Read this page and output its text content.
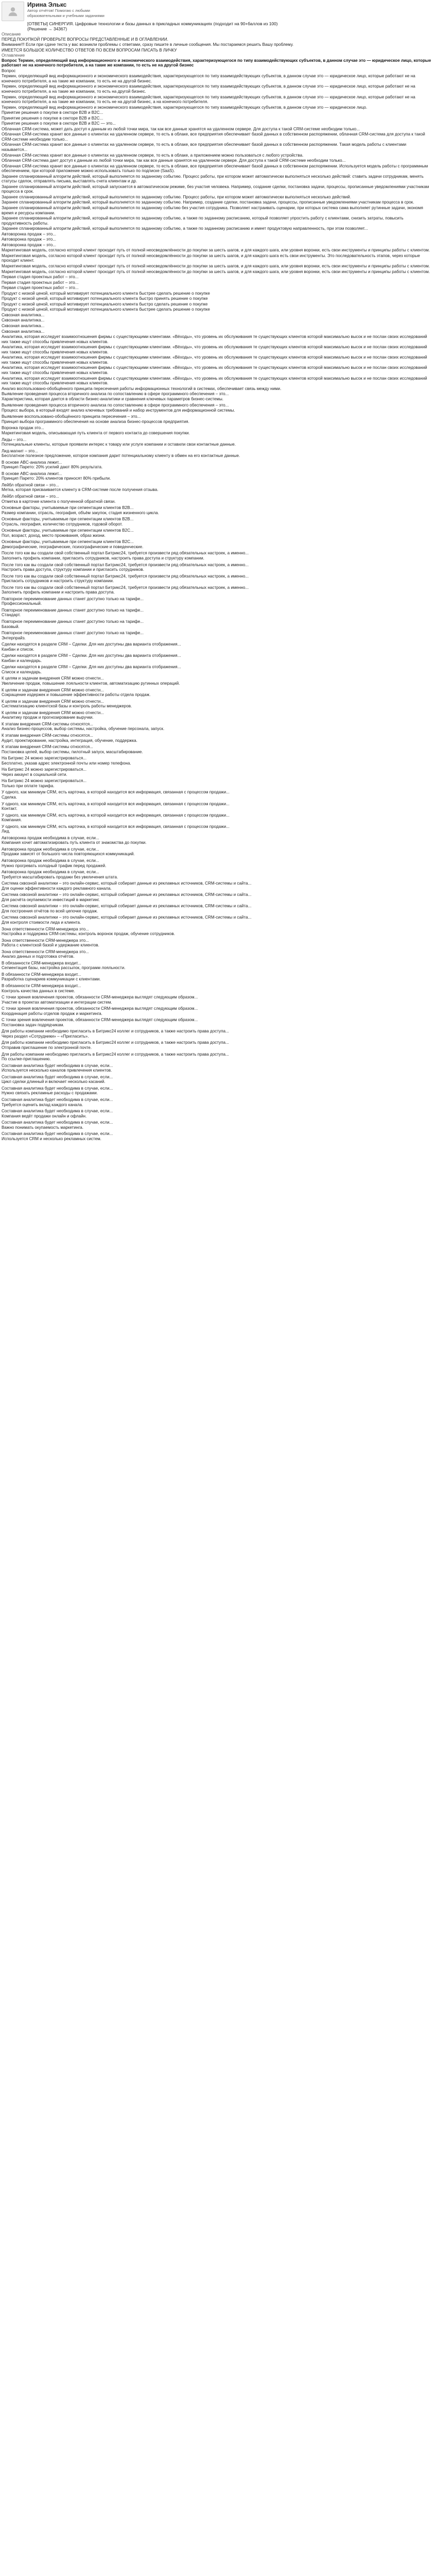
Ирина Элькс
Автор отчётов! Помогаю с любыми образовательными и учебными заданиями
[ОТВЕТЫ] СИНЕРГИЯ. Цифровые технологии и базы данных в прикладных коммуникациях (подходит на 90+баллов из 100)
(Решение → 34367)
Описание
ПЕРЕД ПОКУПКОЙ ПРОВЕРЬТЕ ВОПРОСЫ ПРЕДСТАВЛЕННЫЕ И В ОГЛАВЛЕНИИ.
Внимание!!! Если при сдаче теста у вас возникли проблемы с ответами, сразу пишите в личные сообщения. Мы постараемся решить Вашу проблему.
ИМЕЕТСЯ БОЛЬШОЕ КОЛИЧЕСТВО ОТВЕТОВ ПО ВСЕМ ВОПРОСАМ ПИСАТЬ В ЛИЧКУ
Оглавление
Вопрос Термин, определяющий вид информационного и экономического взаимодействия, характеризующегося по типу взаимодействующих субъектов, в данном случае это — юридическое лицо, которые работают не на конечного потребителя, а на такие же компании, то есть не на другой бизнес
Вопрос
Термин, определяющий вид информационного и экономического взаимодействия, характеризующегося по типу взаимодействующих субъектов, в данном случае это — юридическое лицо, которые работают не на конечного потребителя, а на такие же компании, то есть не на другой бизнес.
Термин, определяющий вид информационного и экономического взаимодействия, характеризующегося по типу взаимодействующих субъектов, в данном случае это — юридическое лицо, которые работают не на конечного потребителя, а на такие же компании, то есть на другой бизнес.
Термин, определяющий вид информационного и экономического взаимодействия, характеризующегося по типу взаимодействующих субъектов, в данном случае это — юридическое лицо, которые работают не на конечного потребителя, а на такие же компании, то есть не на другой бизнес, а на конечного потребителя.
Термин, определяющий вид информационного и экономического взаимодействия, характеризующегося по типу взаимодействующих субъектов, в данном случае это — юридическое лицо.
Принятие решения о покупке в секторе B2B и B2C...
Принятие решения о покупке в секторе B2B и B2C...
Принятие решения о покупке в секторе B2B и B2C — это...
Облачная CRM-система, может дать доступ к данным из любой точки мира, так как все данные хранятся на удаленном сервере. Для доступа к такой CRM-системе необходим только...
Облачная CRM-система хранит все данные о клиентах на удаленном сервере, то есть в облаке, все предприятия обеспечивает базой данных в собственном распоряжении, облачная CRM-система для доступа к такой CRM-системе необходим только...
Облачная CRM-система хранит все данные о клиентах на удаленном сервере, то есть в облаке, все предприятия обеспечивает базой данных в собственном распоряжении. Такая модель работы с клиентами называется...
Облачная CRM-система хранит все данные о клиентах на удаленном сервере, то есть в облаке, а приложением можно пользоваться с любого устройства.
Облачная CRM-система дает доступ к данным из любой точки мира, так как все данные хранятся на удаленном сервере. Для доступа к такой CRM-системе необходим только...
Облачная CRM-система хранит все данные о клиентах на удаленном сервере, то есть в облаке, все предприятия обеспечивает базой данных в собственном распоряжении. Используется модель работы с программным обеспечением, при которой приложение можно использовать только по подписке (SaaS).
Заранее спланированный алгоритм действий, который выполняется по заданному событию. Процесс работы, при котором может автоматически выполняться несколько действий: ставить задачи сотрудникам, менять статусы сделок, отправлять письма, выставлять счета клиентам и др.
Заранее спланированный алгоритм действий, который запускается в автоматическом режиме, без участия человека. Например, создание сделки, постановка задачи, процессы, прописанные уведомлениями участникам процесса в срок.
Заранее спланированный алгоритм действий, который выполняется по заданному событию. Процесс работы, при котором может автоматически выполняться несколько действий.
Заранее спланированный алгоритм действий, который выполняется по заданному событию. Например, создание сделки, постановка задачи, процессы, прописанные уведомлениями участникам процесса в срок.
Заранее спланированный алгоритм действий, который выполняется по заданному событию без участия сотрудника. Позволяет настраивать сценарии, при которых система сама выполняет рутинные задачи, экономя время и ресурсы компании.
Заранее спланированный алгоритм действий, который выполняется по заданному событию, а также по заданному расписанию, который позволяет упростить работу с клиентами, снизить затраты, повысить продуктивность работы.
Заранее спланированный алгоритм действий, который выполняется по заданному событию, а также по заданному расписанию и имеет продуктовую направленность, при этом позволяет...
Автоворонка продаж – это...
Автоворонка продаж – это...
Автоворонка продаж – это...
Маркетинговая модель, согласно которой клиент проходит путь от полной неосведомлённости до покупки за шесть шагов, и для каждого шага, или уровня воронки, есть свои инструменты и принципы работы с клиентом.
Маркетинговая модель, согласно которой клиент проходит путь от полной неосведомлённости до покупки за шесть шагов, и для каждого шага есть свои инструменты. Это последовательность этапов, через которые проходит клиент.
Маркетинговая модель, согласно которой клиент проходит путь от полной неосведомлённости до покупки за шесть шагов, и для каждого шага, или уровня воронки, есть свои инструменты и принципы работы с клиентом.
Маркетинговая модель, согласно которой клиент проходит путь от полной неосведомлённости до покупки за шесть шагов, и для каждого шага, или уровня воронки, есть свои инструменты и принципы работы с клиентом.
Первая стадия проектных работ – это...
Первая стадия проектных работ – это...
Первая стадия проектных работ – это...
Продукт с низкой ценой, который мотивирует потенциального клиента быстрее сделать решение о покупке
Продукт с низкой ценой, который мотивирует потенциального клиента быстро принять решение о покупке
Продукт с низкой ценой, который мотивирует потенциального клиента быстро сделать решение о покупке
Продукт с низкой ценой, который мотивирует потенциального клиента быстрее сделать решение о покупке
Сквозная аналитика...
Сквозная аналитика...
Сквозная аналитика...
Сквозная аналитика...
Аналитика, которая исследует взаимоотношения фирмы с существующими клиентами. «Вёходы», что уровень их обслуживания те существующих клиентов которой максимально высок и не послан своих исследований них также ищут способы привлечения новых клиентов.
Аналитика, которая исследует взаимоотношения фирмы с существующими клиентами. «Вёходы», что уровень их обслуживания те существующих клиентов которой максимально высок и не послан своих исследований них также ищут способы привлечения новых клиентов.
Аналитика, которая исследует взаимоотношения фирмы с существующими клиентами. «Вёходы», что уровень их обслуживания те существующих клиентов которой максимально высок и не послан своих исследований них также ищут способы привлечения новых клиентов.
Аналитика, которая исследует взаимоотношения фирмы с существующими клиентами. «Вёходы», что уровень их обслуживания те существующих клиентов которой максимально высок и не послан своих исследований них также ищут способы привлечения новых клиентов.
Аналитика, которая исследует взаимоотношения фирмы с существующими клиентами. «Вёходы», что уровень их обслуживания те существующих клиентов которой максимально высок и не послан своих исследований них также ищут способы привлечения новых клиентов.
Анализ воспользовано-обобщённого принципа пересечения работы информационных технологий в системах, обеспечивает связь между ними.
Выявление проведения процесса вторичного анализа по сопоставлению в сфере программного обеспечения – это...
Характеристика, которая дается в области бизнес-аналитики и сравнения ключевых параметров бизнес-системы.
Выявление проведения процесса вторичного анализа по сопоставлению в сфере программного обеспечения – это...
Процесс выбора, в который входят анализ ключевых требований и набор инструментов для информационной системы.
Выявление воспользовано-обобщённого принципа пересечения – это...
Принцип выбора программного обеспечения на основе анализа бизнес-процессов предприятия.
Воронка продаж это...
Маркетинговая модель, описывающая путь клиента от первого контакта до совершения покупки.
Лиды – это...
Потенциальные клиенты, которые проявили интерес к товару или услуге компании и оставили свои контактные данные.
Лид-магнит – это...
Бесплатное полезное предложение, которое компания дарит потенциальному клиенту в обмен на его контактные данные.
В основе ABC-анализа лежит...
Принцип Парето: 20% усилий дают 80% результата.
В основе ABC-анализа лежит...
Принцип Парето: 20% клиентов приносят 80% прибыли.
Лейбл обратной связи – это...
Метка, которая присваивается клиенту в CRM-системе после получения отзыва.
Лейбл обратной связи – это...
Отметка в карточке клиента о полученной обратной связи.
Основные факторы, учитываемые при сегментации клиентов B2B...
Размер компании, отрасль, география, объём закупок, стадия жизненного цикла.
Основные факторы, учитываемые при сегментации клиентов B2B...
Отрасль, география, количество сотрудников, годовой оборот.
Основные факторы, учитываемые при сегментации клиентов B2C...
Пол, возраст, доход, место проживания, образ жизни.
Основные факторы, учитываемые при сегментации клиентов B2C...
Демографические, географические, психографические и поведенческие.
После того как вы создали свой собственный портал Битрикс24, требуется произвести ряд обязательных настроек, а именно...
Заполнить профиль компании, пригласить сотрудников, настроить права доступа и структуру компании.
После того как вы создали свой собственный портал Битрикс24, требуется произвести ряд обязательных настроек, а именно...
Настроить права доступа, структуру компании и пригласить сотрудников.
После того как вы создали свой собственный портал Битрикс24, требуется произвести ряд обязательных настроек, а именно...
Пригласить сотрудников и настроить структуру компании.
После того как вы создали свой собственный портал Битрикс24, требуется произвести ряд обязательных настроек, а именно...
Заполнить профиль компании и настроить права доступа.
Повторное переименование данных станет доступно только на тарифе...
Профессиональный.
Повторное переименование данных станет доступно только на тарифе...
Стандарт.
Повторное переименование данных станет доступно только на тарифе...
Базовый.
Повторное переименование данных станет доступно только на тарифе...
Энтерпрайз.
Сделки находятся в разделе CRM – Сделки. Для них доступны два варианта отображения...
Канбан и список.
Сделки находятся в разделе CRM – Сделки. Для них доступны два варианта отображения...
Канбан и календарь.
Сделки находятся в разделе CRM – Сделки. Для них доступны два варианта отображения...
Список и календарь.
К целям и задачам внедрения CRM можно отнести...
Увеличение продаж, повышение лояльности клиентов, автоматизацию рутинных операций.
К целям и задачам внедрения CRM можно отнести...
Сокращение издержек и повышение эффективности работы отдела продаж.
К целям и задачам внедрения CRM можно отнести...
Систематизацию клиентской базы и контроль работы менеджеров.
К целям и задачам внедрения CRM можно отнести...
Аналитику продаж и прогнозирование выручки.
К этапам внедрения CRM-системы относятся...
Анализ бизнес-процессов, выбор системы, настройка, обучение персонала, запуск.
К этапам внедрения CRM-системы относятся...
Аудит, проектирование, настройка, интеграция, обучение, поддержка.
К этапам внедрения CRM-системы относятся...
Постановка целей, выбор системы, пилотный запуск, масштабирование.
На Битрикс 24 можно зарегистрироваться...
Бесплатно, указав адрес электронной почты или номер телефона.
На Битрикс 24 можно зарегистрироваться...
Через аккаунт в социальной сети.
На Битрикс 24 можно зарегистрироваться...
Только при оплате тарифа.
У одного, как минимум CRM, есть карточка, в которой находится вся информация, связанная с процессом продажи...
Сделка.
У одного, как минимум CRM, есть карточка, в которой находится вся информация, связанная с процессом продажи...
Контакт.
У одного, как минимум CRM, есть карточка, в которой находится вся информация, связанная с процессом продажи...
Компания.
У одного, как минимум CRM, есть карточка, в которой находится вся информация, связанная с процессом продажи...
Лид.
Автоворонка продаж необходима в случае, если...
Компания хочет автоматизировать путь клиента от знакомства до покупки.
Автоворонка продаж необходима в случае, если...
Продажи зависят от большого числа повторяющихся коммуникаций.
Автоворонка продаж необходима в случае, если...
Нужно прогревать холодный трафик перед продажей.
Автоворонка продаж необходима в случае, если...
Требуется масштабировать продажи без увеличения штата.
Система сквозной аналитики – это онлайн-сервис, который собирает данные из рекламных источников, CRM-системы и сайта...
Для оценки эффективности каждого рекламного канала.
Система сквозной аналитики – это онлайн-сервис, который собирает данные из рекламных источников, CRM-системы и сайта...
Для расчёта окупаемости инвестиций в маркетинг.
Система сквозной аналитики – это онлайн-сервис, который собирает данные из рекламных источников, CRM-системы и сайта...
Для построения отчётов по всей цепочке продаж.
Система сквозной аналитики – это онлайн-сервис, который собирает данные из рекламных источников, CRM-системы и сайта...
Для контроля стоимости лида и клиента.
Зона ответственности CRM-менеджера это...
Настройка и поддержка CRM-системы, контроль воронок продаж, обучение сотрудников.
Зона ответственности CRM-менеджера это...
Работа с клиентской базой и удержание клиентов.
Зона ответственности CRM-менеджера это...
Анализ данных и подготовка отчётов.
В обязанности CRM-менеджера входит...
Сегментация базы, настройка рассылок, программ лояльности.
В обязанности CRM-менеджера входит...
Разработка сценариев коммуникации с клиентами.
В обязанности CRM-менеджера входит...
Контроль качества данных в системе.
С точки зрения вовлечения проектов, обязанности CRM-менеджера выглядят следующим образом...
Участие в проектах автоматизации и интеграции систем.
С точки зрения вовлечения проектов, обязанности CRM-менеджера выглядят следующим образом...
Координация работы отделов продаж и маркетинга.
С точки зрения вовлечения проектов, обязанности CRM-менеджера выглядят следующим образом...
Постановка задач подрядчикам.
Для работы компании необходимо пригласить в Битрикс24 коллег и сотрудников, а также настроить права доступа...
Через раздел «Сотрудники» – «Пригласить».
Для работы компании необходимо пригласить в Битрикс24 коллег и сотрудников, а также настроить права доступа...
Отправив приглашение по электронной почте.
Для работы компании необходимо пригласить в Битрикс24 коллег и сотрудников, а также настроить права доступа...
По ссылке-приглашению.
Составная аналитика будет необходима в случае, если...
Используется несколько каналов привлечения клиентов.
Составная аналитика будет необходима в случае, если...
Цикл сделки длинный и включает несколько касаний.
Составная аналитика будет необходима в случае, если...
Нужно связать рекламные расходы с продажами.
Составная аналитика будет необходима в случае, если...
Требуется оценить вклад каждого канала.
Составная аналитика будет необходима в случае, если...
Компания ведёт продажи онлайн и офлайн.
Составная аналитика будет необходима в случае, если...
Важно понимать окупаемость маркетинга.
Составная аналитика будет необходима в случае, если...
Используется CRM и несколько рекламных систем.
